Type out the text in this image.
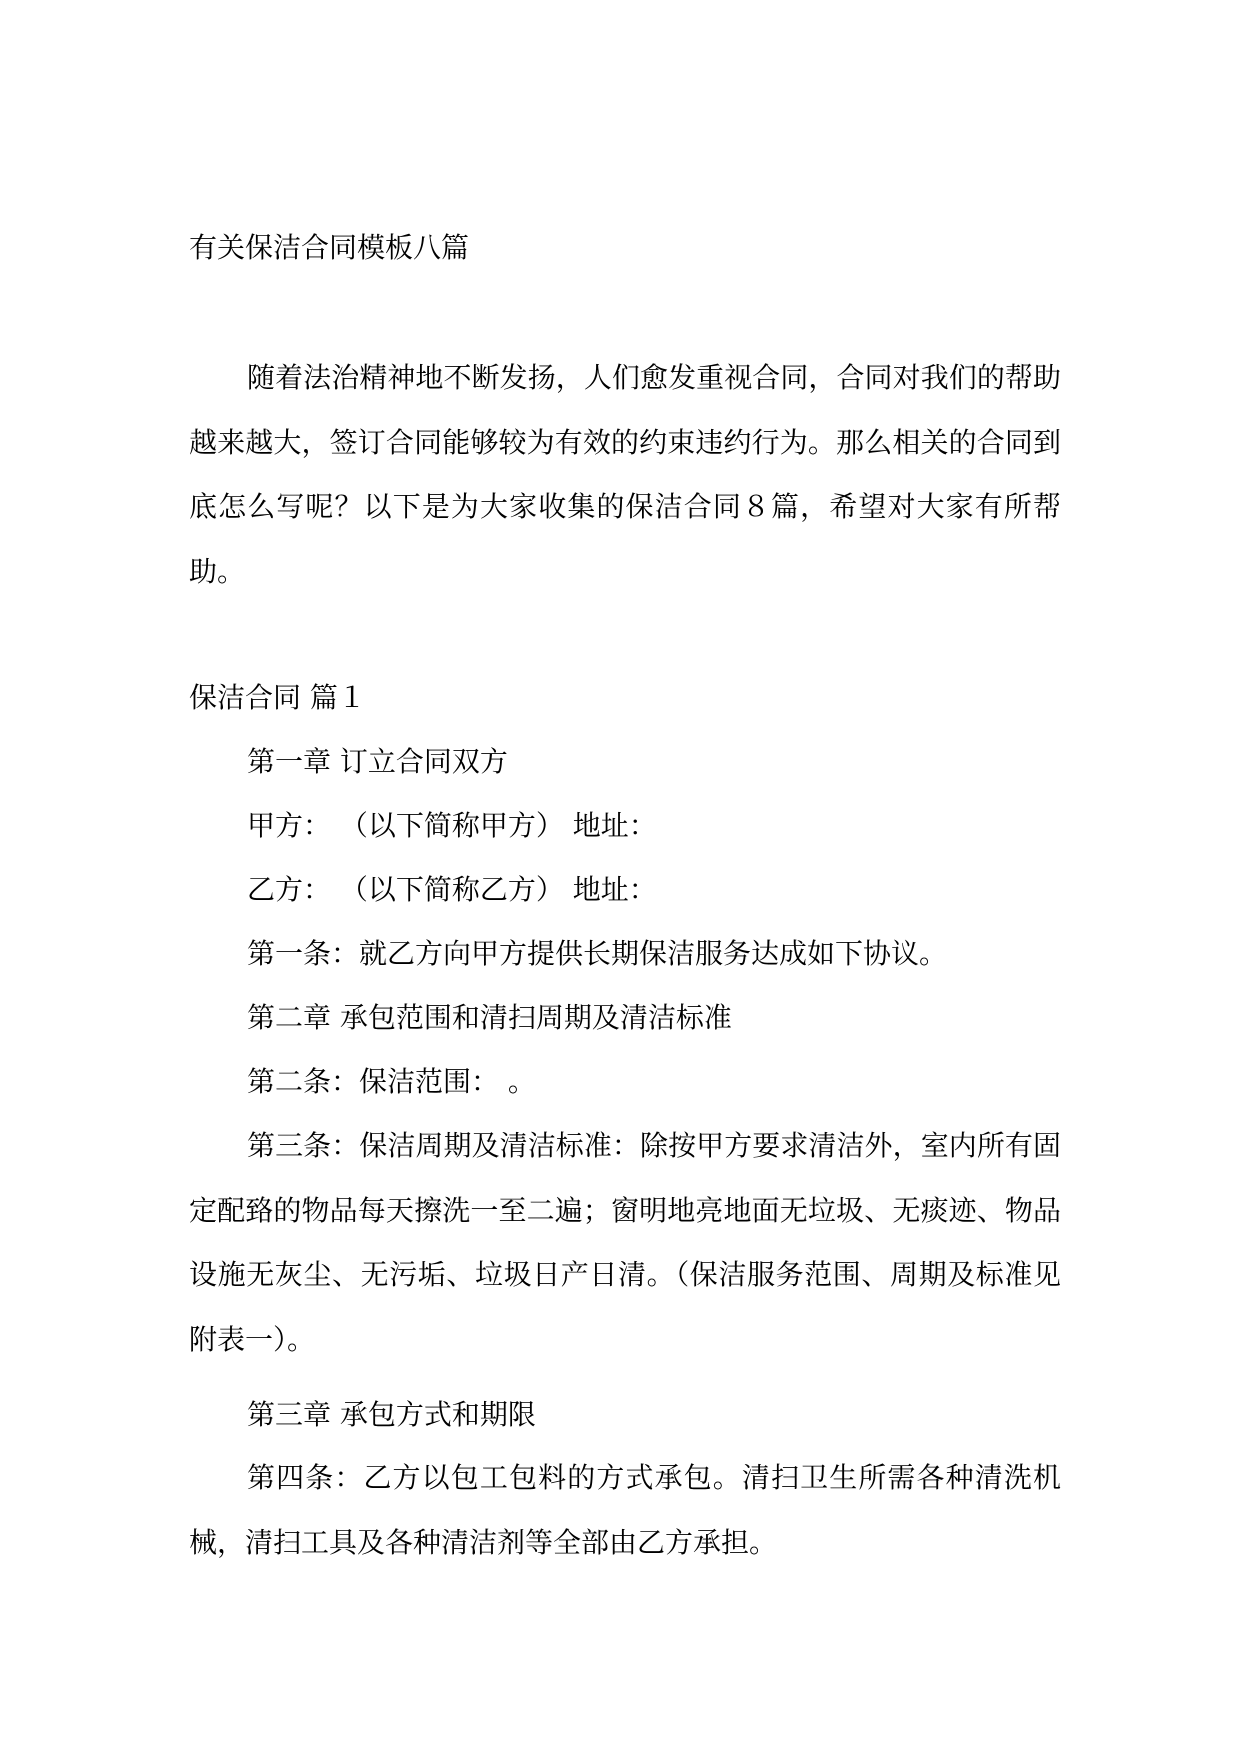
有关保洁合同模板八篇
随着法治精神地不断发扬，人们愈发重视合同，合同对我们的帮助越来越大，签订合同能够较为有效的约束违约行为。那么相关的合同到底怎么写呢？以下是为大家收集的保洁合同８篇，希望对大家有所帮助。
保洁合同 篇１
第一章 订立合同双方
甲方： （以下简称甲方） 地址：
乙方： （以下简称乙方） 地址：
第一条：就乙方向甲方提供长期保洁服务达成如下协议。
第二章 承包范围和清扫周期及清洁标准
第二条：保洁范围： 。
第三条：保洁周期及清洁标准：除按甲方要求清洁外，室内所有固定配臵的物品每天擦洗一至二遍；窗明地亮地面无垃圾、无痰迹、物品设施无灰尘、无污垢、垃圾日产日清。（保洁服务范围、周期及标准见附表一）。
第三章 承包方式和期限
第四条：乙方以包工包料的方式承包。清扫卫生所需各种清洗机械，清扫工具及各种清洁剂等全部由乙方承担。
